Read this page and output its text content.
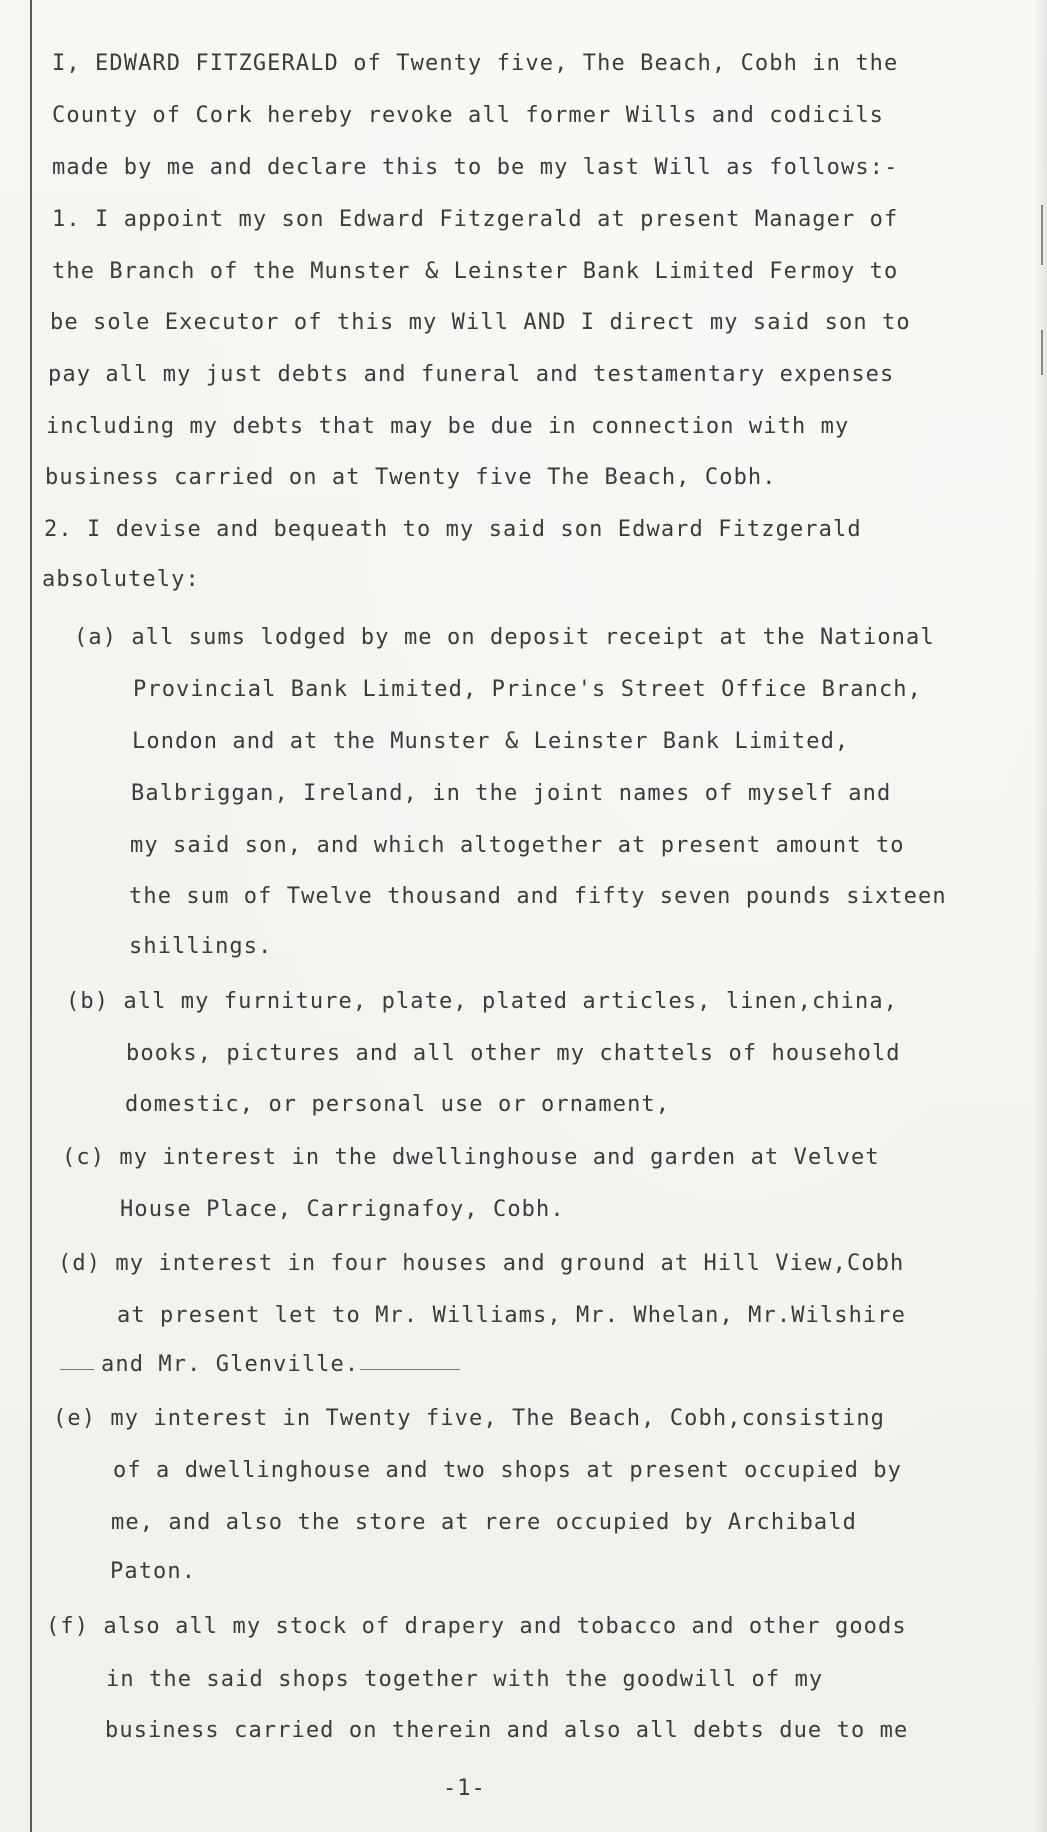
I, EDWARD FITZGERALD of Twenty five, The Beach, Cobh in the
County of Cork hereby revoke all former Wills and codicils
made by me and declare this to be my last Will as follows:-
1. I appoint my son Edward Fitzgerald at present Manager of
the Branch of the Munster & Leinster Bank Limited Fermoy to
be sole Executor of this my Will AND I direct my said son to
pay all my just debts and funeral and testamentary expenses
including my debts that may be due in connection with my
business carried on at Twenty five The Beach, Cobh.
2. I devise and bequeath to my said son Edward Fitzgerald
absolutely:
(a) all sums lodged by me on deposit receipt at the National
Provincial Bank Limited, Prince's Street Office Branch,
London and at the Munster & Leinster Bank Limited,
Balbriggan, Ireland, in the joint names of myself and
my said son, and which altogether at present amount to
the sum of Twelve thousand and fifty seven pounds sixteen
shillings.
(b) all my furniture, plate, plated articles, linen,china,
books, pictures and all other my chattels of household
domestic, or personal use or ornament,
(c) my interest in the dwellinghouse and garden at Velvet
House Place, Carrignafoy, Cobh.
(d) my interest in four houses and ground at Hill View,Cobh
at present let to Mr. Williams, Mr. Whelan, Mr.Wilshire
and Mr. Glenville.
(e) my interest in Twenty five, The Beach, Cobh,consisting
of a dwellinghouse and two shops at present occupied by
me, and also the store at rere occupied by Archibald
Paton.
(f) also all my stock of drapery and tobacco and other goods
in the said shops together with the goodwill of my
business carried on therein and also all debts due to me
-1-
